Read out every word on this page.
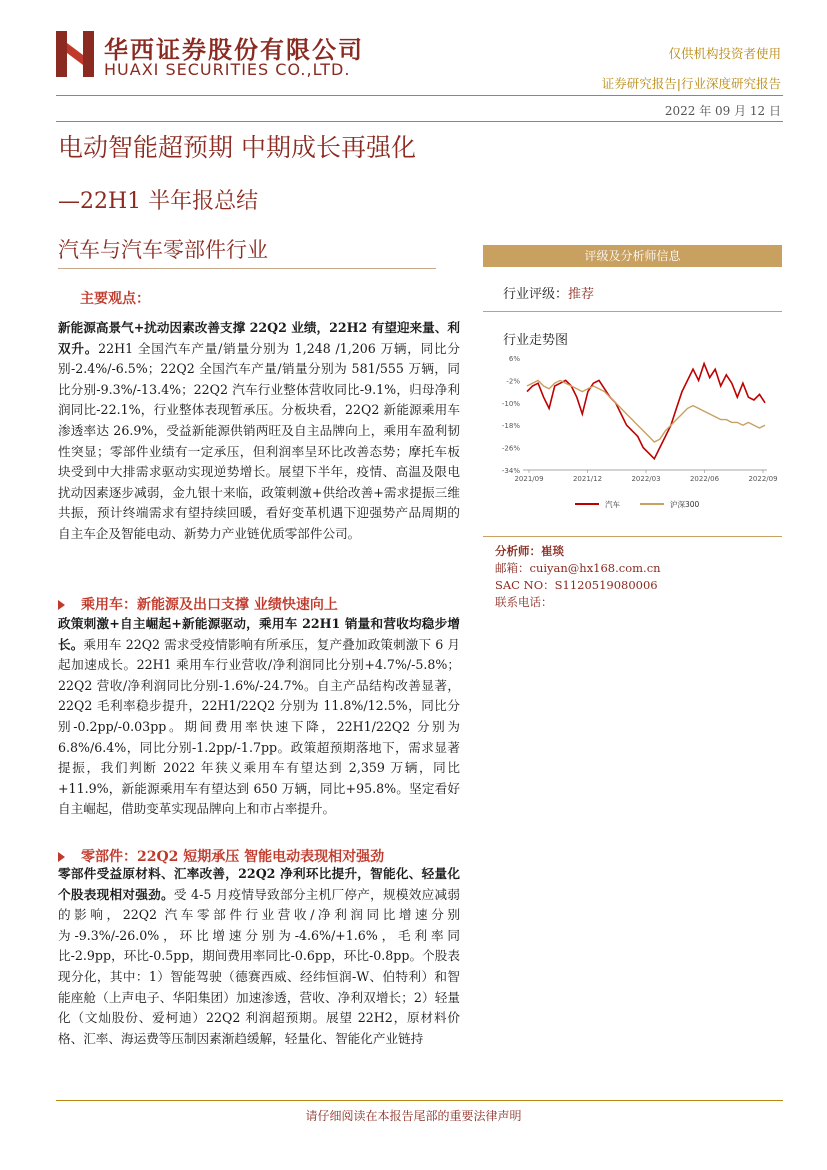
华西证券股份有限公司
HUAXI SECURITIES CO.,LTD.
仅供机构投资者使用
证券研究报告|行业深度研究报告
2022 年 09 月 12 日
电动智能超预期 中期成长再强化
—22H1 半年报总结
汽车与汽车零部件行业
主要观点：
新能源高景气+扰动因素改善支撑 22Q2 业绩，22H2 有望迎来量、利双升。22H1 全国汽车产量/销量分别为 1,248 /1,206 万辆，同比分别-2.4%/-6.5%；22Q2 全国汽车产量/销量分别为 581/555 万辆，同比分别-9.3%/-13.4%；22Q2 汽车行业整体营收同比-9.1%，归母净利润同比-22.1%，行业整体表现暂承压。分板块看，22Q2 新能源乘用车渗透率达 26.9%，受益新能源供销两旺及自主品牌向上，乘用车盈利韧性突显；零部件业绩有一定承压，但利润率呈环比改善态势；摩托车板块受到中大排需求驱动实现逆势增长。展望下半年，疫情、高温及限电扰动因素逐步减弱，金九银十来临，政策刺激+供给改善+需求提振三维共振，预计终端需求有望持续回暖，看好变革机遇下迎强势产品周期的自主车企及智能电动、新势力产业链优质零部件公司。
乘用车：新能源及出口支撑 业绩快速向上
政策刺激+自主崛起+新能源驱动，乘用车 22H1 销量和营收均稳步增长。乘用车 22Q2 需求受疫情影响有所承压，复产叠加政策刺激下 6 月起加速成长。22H1 乘用车行业营收/净利润同比分别+4.7%/-5.8%；22Q2 营收/净利润同比分别-1.6%/-24.7%。自主产品结构改善显著，22Q2 毛利率稳步提升，22H1/22Q2 分别为 11.8%/12.5%，同比分别-0.2pp/-0.03pp。期间费用率快速下降，22H1/22Q2 分别为 6.8%/6.4%，同比分别-1.2pp/-1.7pp。政策超预期落地下，需求显著提振，我们判断 2022 年狭义乘用车有望达到 2,359 万辆，同比+11.9%，新能源乘用车有望达到 650 万辆，同比+95.8%。坚定看好自主崛起，借助变革实现品牌向上和市占率提升。
零部件：22Q2 短期承压 智能电动表现相对强劲
零部件受益原材料、汇率改善，22Q2 净利环比提升，智能化、轻量化个股表现相对强劲。受 4-5 月疫情导致部分主机厂停产，规模效应减弱的影响，22Q2 汽车零部件行业营收/净利润同比增速分别为-9.3%/-26.0%，环比增速分别为-4.6%/+1.6%，毛利率同比-2.9pp，环比-0.5pp，期间费用率同比-0.6pp，环比-0.8pp。个股表现分化，其中：1）智能驾驶（德赛西威、经纬恒润-W、伯特利）和智能座舱（上声电子、华阳集团）加速渗透，营收、净利双增长；2）轻量化（文灿股份、爱柯迪）22Q2 利润超预期。展望 22H2，原材料价格、汇率、海运费等压制因素渐趋缓解，轻量化、智能化产业链持
评级及分析师信息
行业评级：推荐
行业走势图
6%
-2%
-10%
-18%
-26%
-34%
2021/09	2021/12	2022/03	2022/06	2022/09
汽车	沪深300
分析师：崔琰
邮箱：cuiyan@hx168.com.cn
SAC NO：S1120519080006
联系电话：
请仔细阅读在本报告尾部的重要法律声明
